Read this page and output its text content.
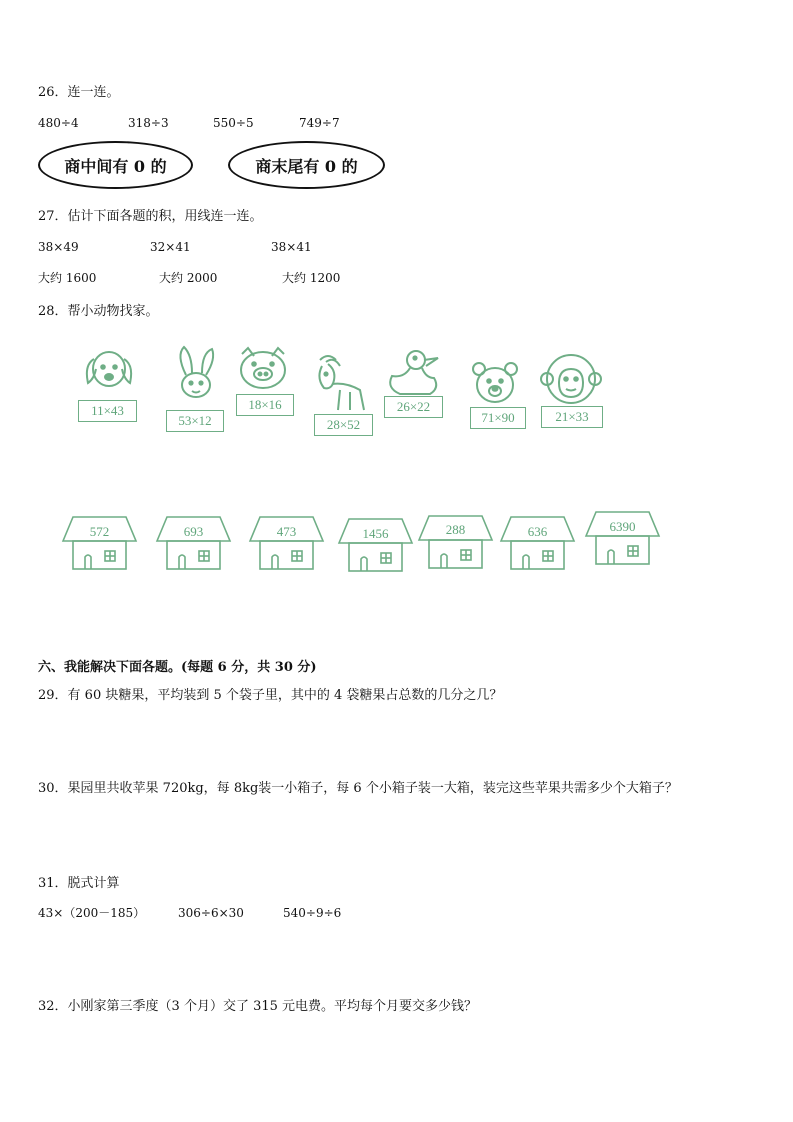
26．连一连。
480÷4	318÷3	550÷5	749÷7
商中间有 0 的	商末尾有 0 的
27．估计下面各题的积，用线连一连。
38×49	32×41	38×41
大约 1600	大约 2000	大约 1200
28．帮小动物找家。
11×43
53×12
18×16
28×52
26×22
71×90	21×33
572	693	473	1456	288	636	6390
六、我能解决下面各题。(每题 6 分，共 30 分)
29．有 60 块糖果，平均装到 5 个袋子里，其中的 4 袋糖果占总数的几分之几？
30．果园里共收苹果 720kg，每 8kg装一小箱子，每 6 个小箱子装一大箱，装完这些苹果共需多少个大箱子？
31．脱式计算
43×（200－185）	306÷6×30	540÷9÷6
32．小刚家第三季度（3 个月）交了 315 元电费。平均每个月要交多少钱？
